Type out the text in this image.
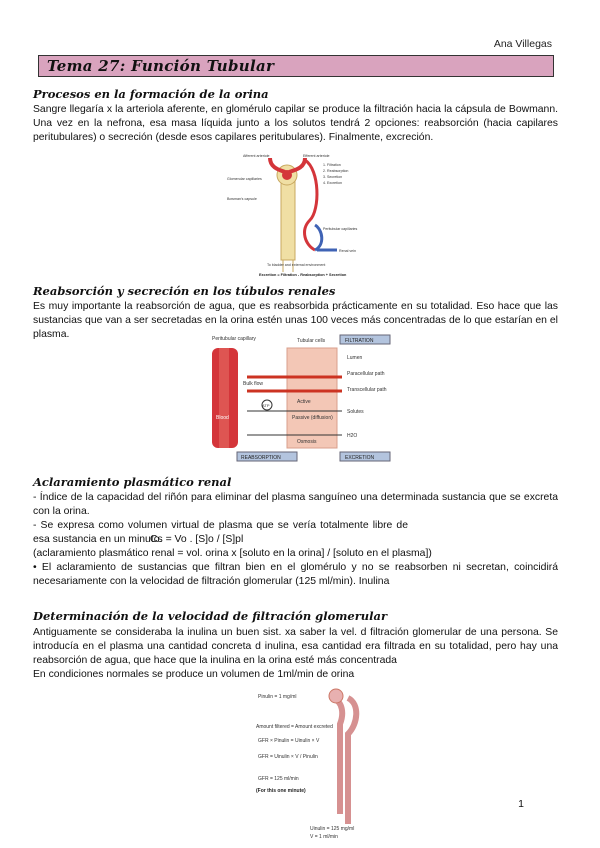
Ana Villegas
Tema 27: Función Tubular
Procesos en la formación de la orina
Sangre llegaría x la arteriola aferente, en glomérulo capilar se produce la filtración hacia la cápsula de Bowmann. Una vez en la nefrona, esa masa líquida junto a los solutos tendrá 2 opciones: reabsorción (hacia capilares peritubulares) o secreción (desde esos capilares peritubulares). Finalmente, excreción.
Afferent arteriole	Efferent arteriole
Glomerular capillaries
Bowman's capsule
1. Filtration
2. Reabsorption
3. Secretion
4. Excretion
Peritubular capillaries
Renal vein
To bladder and external environment
Excretion = Filtration - Reabsorption + Secretion
Reabsorción y secreción en los túbulos renales
Es muy importante la reabsorción de agua, que es reabsorbida prácticamente en su totalidad. Eso hace que las sustancias que van a ser secretadas en la orina estén unas 100 veces más concentradas de lo que estarían en el plasma.	Peritubular capillary	Tubular cells	FILTRATION
Lumen
Paracellular path
Transcellular path
Solutes
H2O
Active
Passive (diffusion)
Osmosis
Bulk flow
ATP
Blood
REABSORPTION	EXCRETION
Aclaramiento plasmático renal
- Índice de la capacidad del riñón para eliminar del plasma sanguíneo una determinada sustancia que se excreta con la orina.
- Se expresa como volumen virtual de plasma que se vería totalmente libre de esa sustancia en un minuto.
Cs = Vo . [S]o / [S]pl
(aclaramiento plasmático renal = vol. orina x [soluto en la orina] / [soluto en el plasma])
• El aclaramiento de sustancias que filtran bien en el glomérulo y no se reabsorben ni secretan, coincidirá necesariamente con la velocidad de filtración glomerular (125 ml/min). Inulina
Determinación de la velocidad de filtración glomerular
Antiguamente se consideraba la inulina un buen sist. xa saber la vel. d filtración glomerular de una persona. Se introducía en el plasma una cantidad concreta d inulina, esa cantidad era filtrada en su totalidad, pero hay una reabsorción de agua, que hace que la inulina en la orina esté más concentrada
En condiciones normales se produce un volumen de 1ml/min de orina
Pinulin = 1 mg/ml
Amount filtered = Amount excreted
GFR × Pinulin = Uinulin × V
GFR = Uinulin × V / Pinulin
GFR = 125 ml/min
(For this one minute)
Uinulin = 125 mg/ml
V = 1 ml/min
1
